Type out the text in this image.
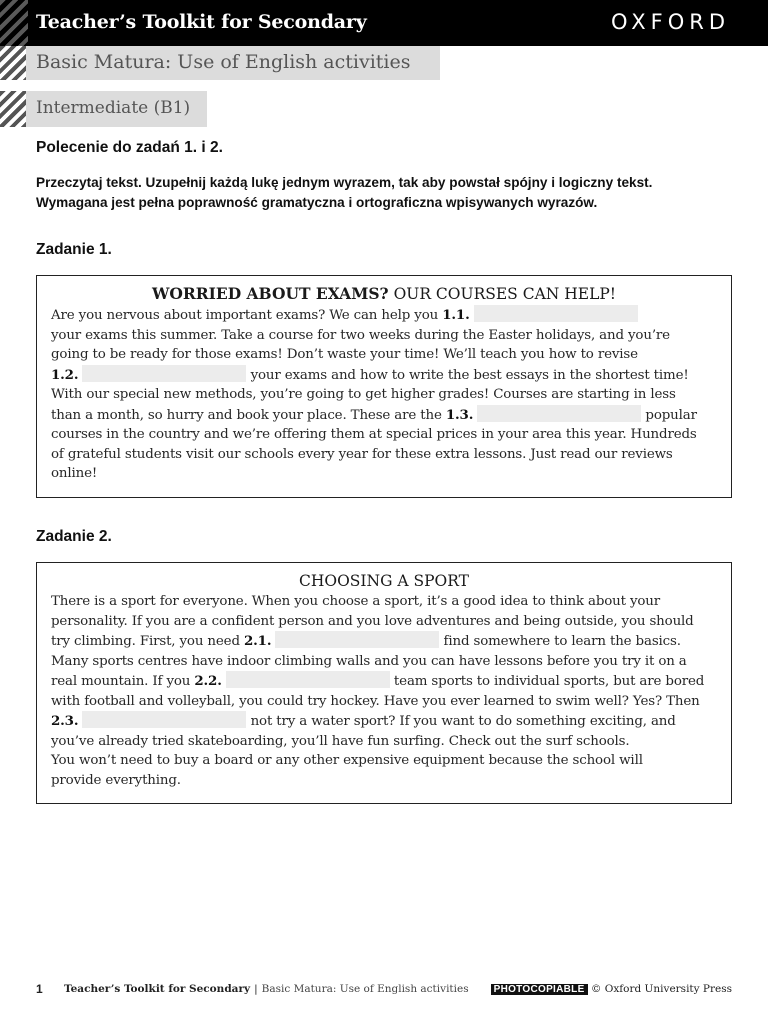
Teacher’s Toolkit for Secondary	OXFORD
Basic Matura: Use of English activities
Intermediate (B1)
Polecenie do zadań 1. i 2.
Przeczytaj tekst. Uzupełnij każdą lukę jednym wyrazem, tak aby powstał spójny i logiczny tekst.
Wymagana jest pełna poprawność gramatyczna i ortograficzna wpisywanych wyrazów.
Zadanie 1.
WORRIED ABOUT EXAMS? OUR COURSES CAN HELP!
Are you nervous about important exams? We can help you 1.1.
your exams this summer. Take a course for two weeks during the Easter holidays, and you’re
going to be ready for those exams! Don’t waste your time! We’ll teach you how to revise
1.2.	your exams and how to write the best essays in the shortest time!
With our special new methods, you’re going to get higher grades! Courses are starting in less
than a month, so hurry and book your place. These are the 1.3.	popular
courses in the country and we’re offering them at special prices in your area this year. Hundreds
of grateful students visit our schools every year for these extra lessons. Just read our reviews
online!
Zadanie 2.
CHOOSING A SPORT
There is a sport for everyone. When you choose a sport, it’s a good idea to think about your
personality. If you are a confident person and you love adventures and being outside, you should
try climbing. First, you need 2.1.	find somewhere to learn the basics.
Many sports centres have indoor climbing walls and you can have lessons before you try it on a
real mountain. If you 2.2.	team sports to individual sports, but are bored
with football and volleyball, you could try hockey. Have you ever learned to swim well? Yes? Then
2.3.	not try a water sport? If you want to do something exciting, and
you’ve already tried skateboarding, you’ll have fun surfing. Check out the surf schools.
You won’t need to buy a board or any other expensive equipment because the school will
provide everything.
1 Teacher’s Toolkit for Secondary | Basic Matura: Use of English activities	PHOTOCOPIABLE © Oxford University Press
